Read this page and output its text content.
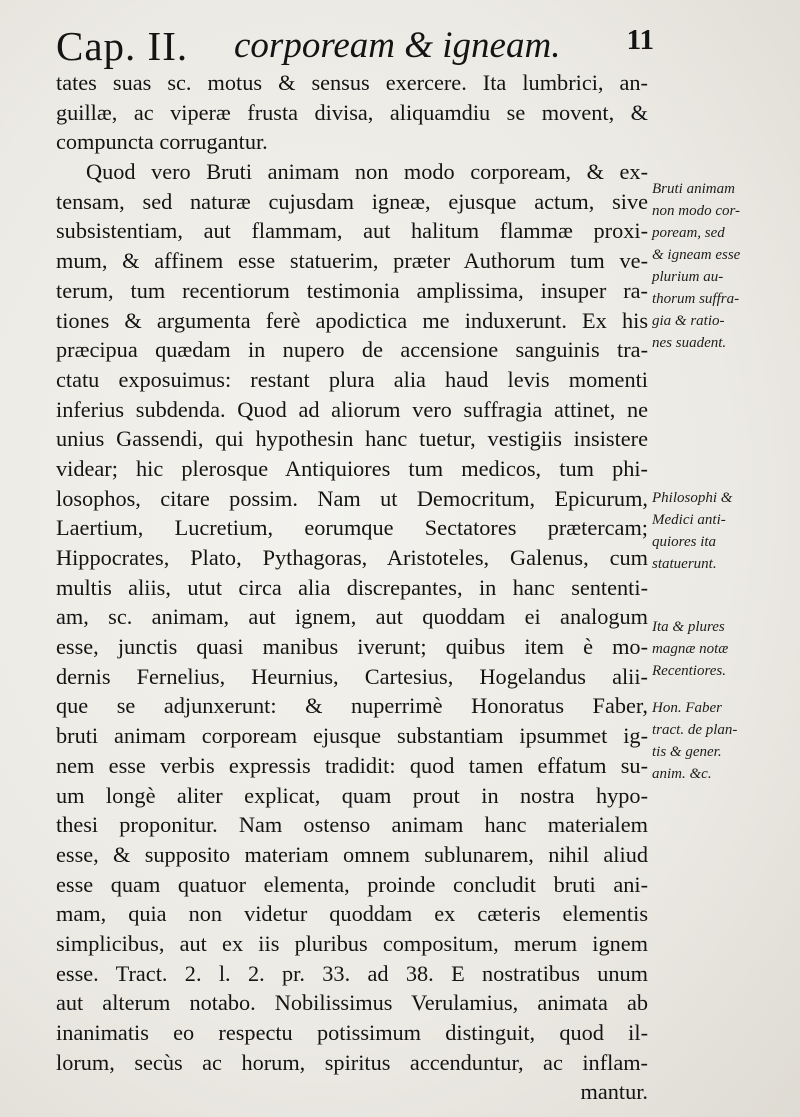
Cap. II. corpoream & igneam. 11
tates suas sc. motus & sensus exercere. Ita lumbrici, an-
guillæ, ac viperæ frusta divisa, aliquamdiu se movent, &
compuncta corrugantur.
Quod vero Bruti animam non modo corpoream, & ex-
tensam, sed naturæ cujusdam igneæ, ejusque actum, sive
subsistentiam, aut flammam, aut halitum flammæ proxi-
mum, & affinem esse statuerim, præter Authorum tum ve-
terum, tum recentiorum testimonia amplissima, insuper ra-
tiones & argumenta ferè apodictica me induxerunt. Ex his
præcipua quædam in nupero de accensione sanguinis tra-
ctatu exposuimus: restant plura alia haud levis momenti
inferius subdenda. Quod ad aliorum vero suffragia attinet, ne
unius Gassendi, qui hypothesin hanc tuetur, vestigiis insistere
videar; hic plerosque Antiquiores tum medicos, tum phi-
losophos, citare possim. Nam ut Democritum, Epicurum,
Laertium, Lucretium, eorumque Sectatores prætercam;
Hippocrates, Plato, Pythagoras, Aristoteles, Galenus, cum
multis aliis, utut circa alia discrepantes, in hanc sententi-
am, sc. animam, aut ignem, aut quoddam ei analogum
esse, junctis quasi manibus iverunt; quibus item è mo-
dernis Fernelius, Heurnius, Cartesius, Hogelandus alii-
que se adjunxerunt: & nuperrimè Honoratus Faber,
bruti animam corpoream ejusque substantiam ipsummet ig-
nem esse verbis expressis tradidit: quod tamen effatum su-
um longè aliter explicat, quam prout in nostra hypo-
thesi proponitur. Nam ostenso animam hanc materialem
esse, & supposito materiam omnem sublunarem, nihil aliud
esse quam quatuor elementa, proinde concludit bruti ani-
mam, quia non videtur quoddam ex cæteris elementis
simplicibus, aut ex iis pluribus compositum, merum ignem
esse. Tract. 2. l. 2. pr. 33. ad 38. E nostratibus unum
aut alterum notabo. Nobilissimus Verulamius, animata ab
inanimatis eo respectu potissimum distinguit, quod il-
lorum, secùs ac horum, spiritus accenduntur, ac inflam-
mantur.
Bruti animam
non modo cor-
poream, sed
& igneam esse
plurium au-
thorum suffra-
gia & ratio-
nes suadent.
Philosophi &
Medici anti-
quiores ita
statuerunt.
Ita & plures
magnæ notæ
Recentiores.
Hon. Faber
tract. de plan-
tis & gener.
anim. &c.
